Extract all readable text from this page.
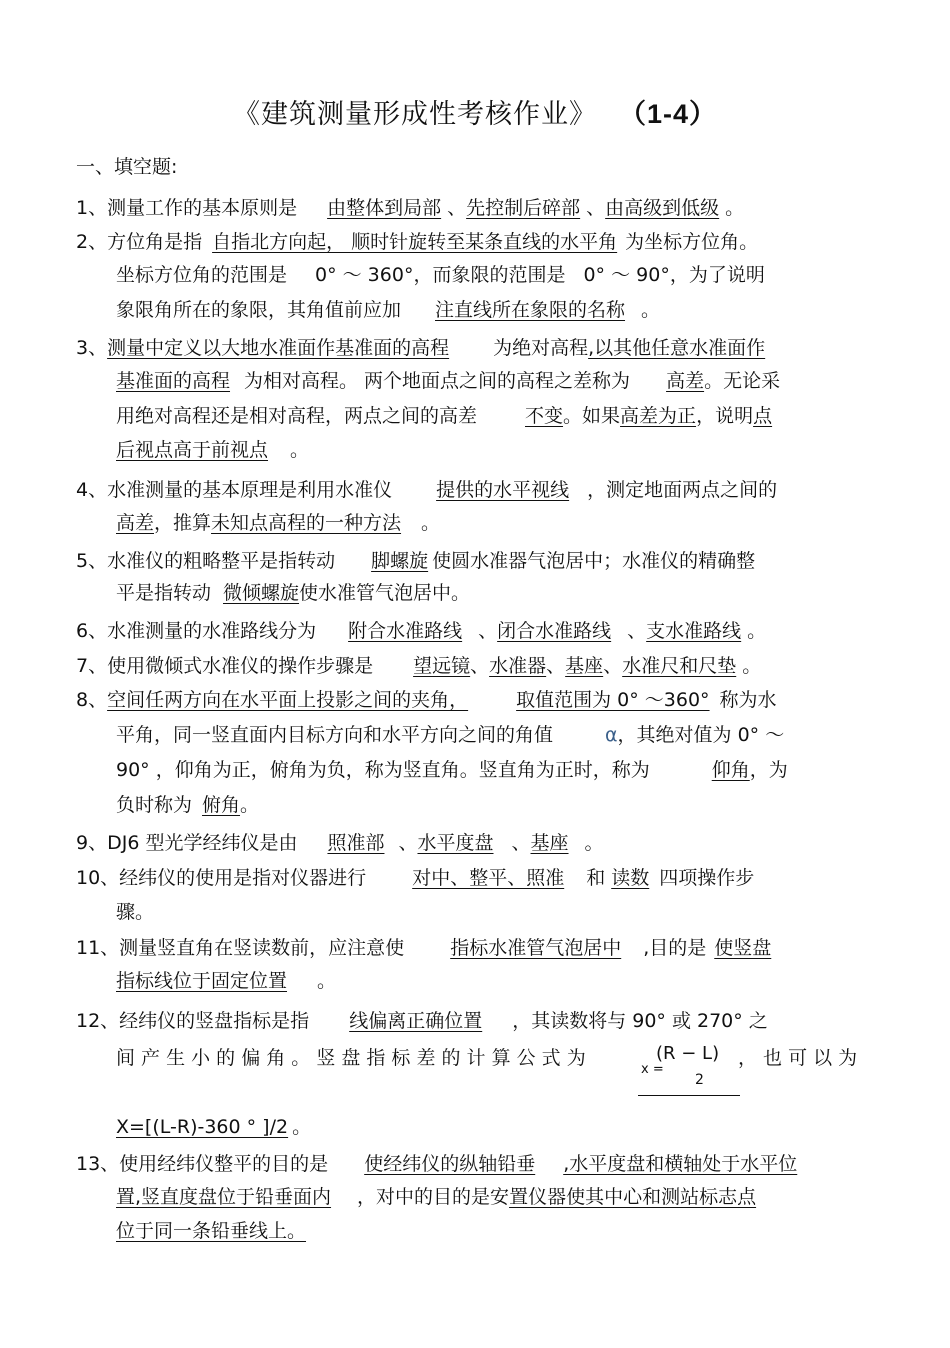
《建筑测量形成性考核作业》 （1-4）
一、填空题:
1、测量工作的基本原则是 由整体到局部 、先控制后碎部 、由高级到低级 。
2、方位角是指 自指北方向起， 顺时针旋转至某条直线的水平角 为坐标方位角。
坐标方位角的范围是 0° ～ 360°，而象限的范围是 0° ～ 90°，为了说明
象限角所在的象限，其角值前应加 注直线所在象限的名称 。
3、测量中定义以大地水准面作基准面的高程 为绝对高程,以其他任意水准面作
基准面的高程 为相对高程。 两个地面点之间的高程之差称为 高差。无论采
用绝对高程还是相对高程，两点之间的高差	不变。如果高差为正，说明点
后视点高于前视点 。
4、水准测量的基本原理是利用水准仪 提供的水平视线 ，测定地面两点之间的
高差，推算未知点高程的一种方法 。
5、水准仪的粗略整平是指转动 脚螺旋 使圆水准器气泡居中；水准仪的精确整
平是指转动 微倾螺旋使水准管气泡居中。
6、水准测量的水准路线分为 附合水准路线 、闭合水准路线 、支水准路线 。
7、使用微倾式水准仪的操作步骤是 望远镜、水准器、基座、水准尺和尺垫 。
8、空间任两方向在水平面上投影之间的夹角，	取值范围为 0° ～360° 称为水
平角，同一竖直面内目标方向和水平方向之间的角值	α，其绝对值为 0° ～
90° ，仰角为正，俯角为负，称为竖直角。竖直角为正时，称为	仰角，为
负时称为 俯角。
9、DJ6 型光学经纬仪是由 照准部 、水平度盘 、基座 。
10、经纬仪的使用是指对仪器进行 对中、整平、照准 和 读数 四项操作步
骤。
11、测量竖直角在竖读数前，应注意使 指标水准管气泡居中 ,目的是 使竖盘
指标线位于固定位置 。
12、经纬仪的竖盘指标是指 线偏离正确位置 ，其读数将与 90° 或 270° 之
间 产 生 小 的 偏 角 。 竖 盘 指 标 差 的 计 算 公 式 为
x =
(R − L)
2
， 也 可 以 为
X=[(L-R)-360 ° ]/2 。
13、使用经纬仪整平的目的是 使经纬仪的纵轴铅垂 ,水平度盘和横轴处于水平位
置,竖直度盘位于铅垂面内 ，对中的目的是安置仪器使其中心和测站标志点
位于同一条铅垂线上。
